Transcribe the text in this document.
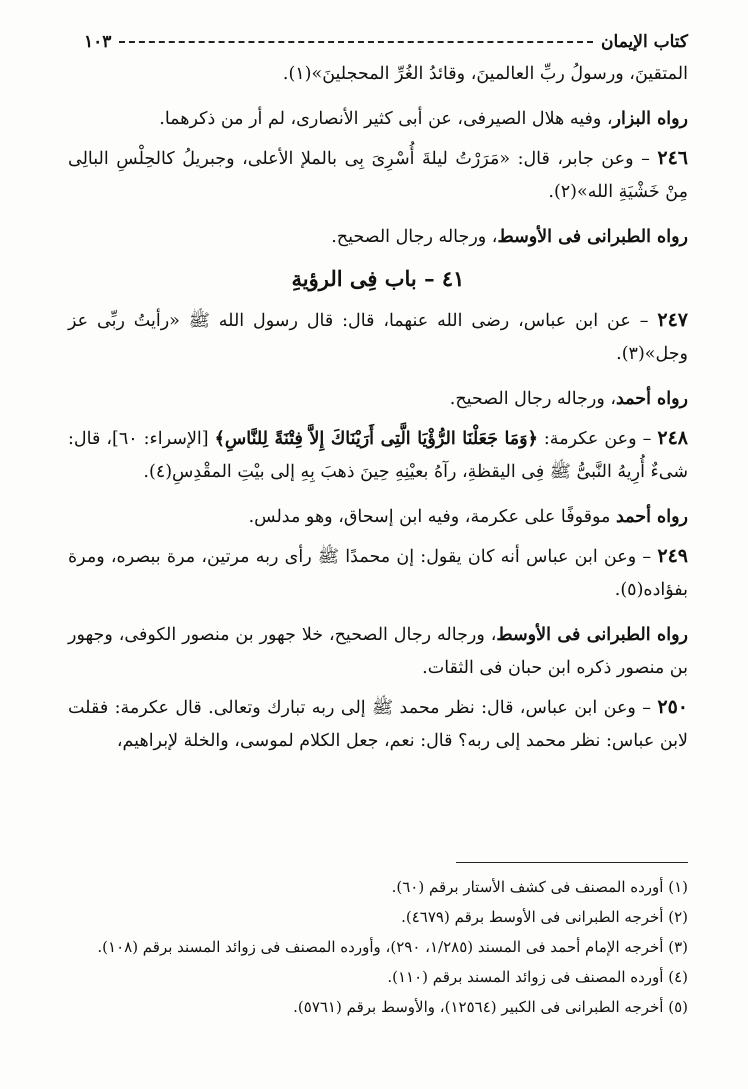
كتاب الإيمان
١٠٣

المتقينَ، ورسولُ ربِّ العالمينَ، وقائدُ الغُرِّ المحجلينَ»(١).

رواه البزار، وفيه هلال الصيرفى، عن أبى كثير الأنصارى، لم أر من ذكرهما.

٢٤٦ – وعن جابر، قال: «مَرَرْتُ ليلةَ أُسْرِىَ بِى بالملإ الأعلى، وجبريلُ كالحِلْسِ البالِى مِنْ خَشْيَةِ الله»(٢).

رواه الطبرانى فى الأوسط، ورجاله رجال الصحيح.

٤١ – باب فِى الرؤيةِ

٢٤٧ – عن ابن عباس، رضى الله عنهما، قال: قال رسول الله ﷺ «رأيتُ ربِّى عز وجل»(٣).

رواه أحمد، ورجاله رجال الصحيح.

٢٤٨ – وعن عكرمة: ﴿وَمَا جَعَلْنَا الرُّؤْيَا الَّتِى أَرَيْنَاكَ إِلاَّ فِتْنَةً لِلنَّاسِ﴾ [الإسراء: ٦٠]، قال: شىءٌ أُرِيهُ النَّبىُّ ﷺ فِى اليقظةِ، رآهُ بعيْنِهِ حِينَ ذهبَ بِهِ إلى بيْتِ المقْدِسِ(٤).

رواه أحمد موقوفًا على عكرمة، وفيه ابن إسحاق، وهو مدلس.

٢٤٩ – وعن ابن عباس أنه كان يقول: إن محمدًا ﷺ رأى ربه مرتين، مرة ببصره، ومرة بفؤاده(٥).

رواه الطبرانى فى الأوسط، ورجاله رجال الصحيح، خلا جهور بن منصور الكوفى، وجهور بن منصور ذكره ابن حبان فى الثقات.

٢٥٠ – وعن ابن عباس، قال: نظر محمد ﷺ إلى ربه تبارك وتعالى. قال عكرمة: فقلت لابن عباس: نظر محمد إلى ربه؟ قال: نعم، جعل الكلام لموسى، والخلة لإبراهيم،

(١) أورده المصنف فى كشف الأستار برقم (٦٠).

(٢) أخرجه الطبرانى فى الأوسط برقم (٤٦٧٩).

(٣) أخرجه الإمام أحمد فى المسند (١/٢٨٥، ٢٩٠)، وأورده المصنف فى زوائد المسند برقم (١٠٨).

(٤) أورده المصنف فى زوائد المسند برقم (١١٠).

(٥) أخرجه الطبرانى فى الكبير (١٢٥٦٤)، والأوسط برقم (٥٧٦١).
